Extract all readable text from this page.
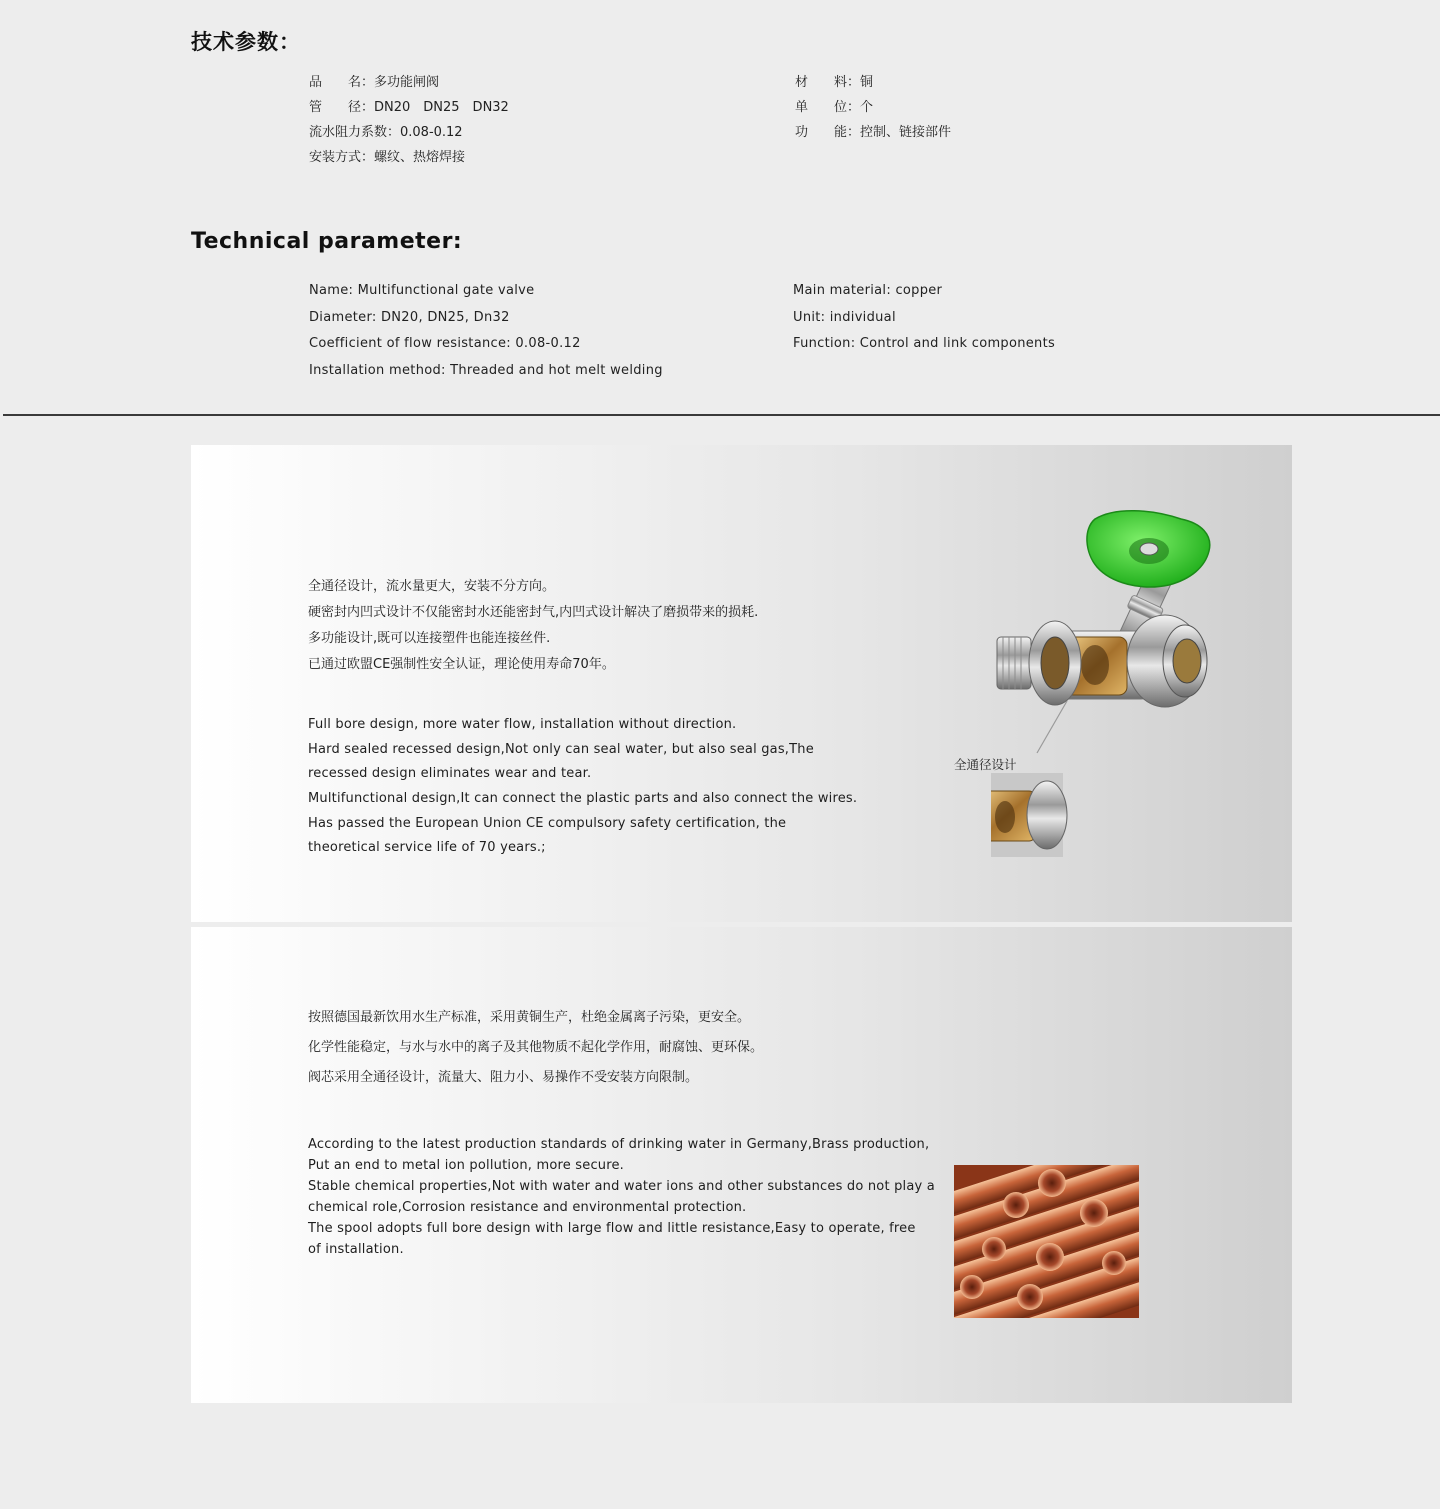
技术参数：
品　　名：多功能闸阀
管　　径：DN20　DN25　DN32
流水阻力系数：0.08-0.12
安装方式：螺纹、热熔焊接
材　　料：铜
单　　位：个
功　　能：控制、链接部件
Technical parameter:
Name: Multifunctional gate valve
Diameter: DN20, DN25, Dn32
Coefficient of flow resistance: 0.08-0.12
Installation method: Threaded and hot melt welding
Main material: copper
Unit: individual
Function: Control and link components
全通径设计，流水量更大，安装不分方向。
硬密封内凹式设计不仅能密封水还能密封气,内凹式设计解决了磨损带来的损耗.
多功能设计,既可以连接塑件也能连接丝件.
已通过欧盟CE强制性安全认证，理论使用寿命70年。
Full bore design, more water flow, installation without direction.
Hard sealed recessed design,Not only can seal water, but also seal gas,The
recessed design eliminates wear and tear.
Multifunctional design,It can connect the plastic parts and also connect the wires.
Has passed the European Union CE compulsory safety certification, the
theoretical service life of 70 years.;
全通径设计
按照德国最新饮用水生产标准，采用黄铜生产，杜绝金属离子污染，更安全。
化学性能稳定，与水与水中的离子及其他物质不起化学作用，耐腐蚀、更环保。
阀芯采用全通径设计，流量大、阻力小、易操作不受安装方向限制。
According to the latest production standards of drinking water in Germany,Brass production,
Put an end to metal ion pollution, more secure.
Stable chemical properties,Not with water and water ions and other substances do not play a
chemical role,Corrosion resistance and environmental protection.
The spool adopts full bore design with large flow and little resistance,Easy to operate, free
of installation.
